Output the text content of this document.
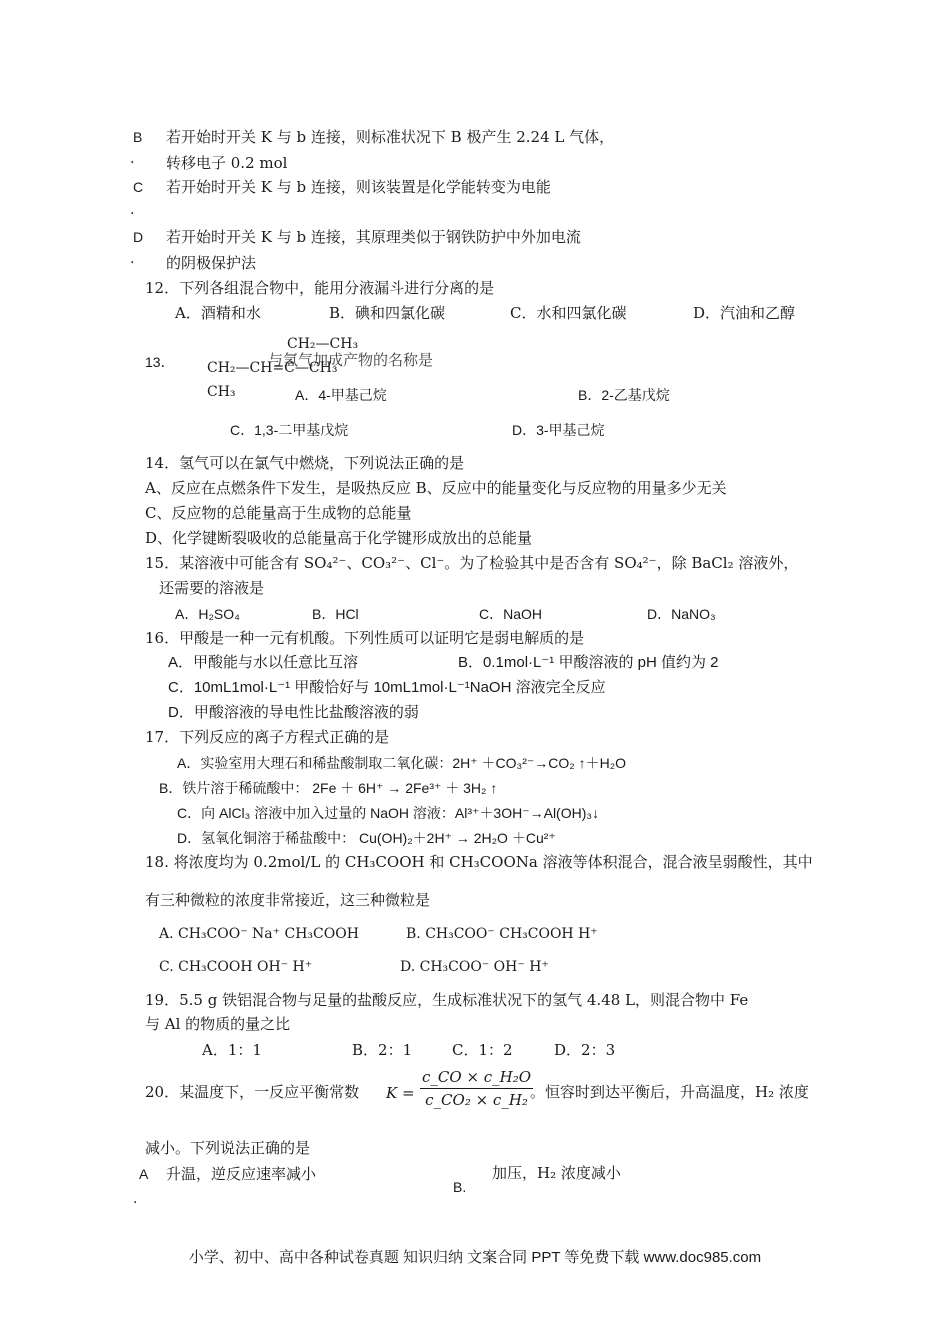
B 若开始时开关 K 与 b 连接，则标准状况下 B 极产生 2.24 L 气体，
. 转移电子 0.2 mol
C 若开始时开关 K 与 b 连接，则该装置是化学能转变为电能
.
D 若开始时开关 K 与 b 连接，其原理类似于钢铁防护中外加电流
. 的阴极保护法
12．下列各组混合物中，能用分液漏斗进行分离的是
A．酒精和水	B．碘和四氯化碳	C．水和四氯化碳	D．汽油和乙醇
13．
CH₂—CH₃
CH₂—CH=C—CH₃
CH₃
与氢气加成产物的名称是
A．4-甲基己烷	B．2-乙基戊烷
C．1,3-二甲基戊烷	D．3-甲基己烷
14．氢气可以在氯气中燃烧，下列说法正确的是
A、反应在点燃条件下发生，是吸热反应 B、反应中的能量变化与反应物的用量多少无关
C、反应物的总能量高于生成物的总能量
D、化学键断裂吸收的总能量高于化学键形成放出的总能量
15．某溶液中可能含有 SO₄²⁻、CO₃²⁻、Cl⁻。为了检验其中是否含有 SO₄²⁻，除 BaCl₂ 溶液外，
还需要的溶液是
A．H₂SO₄	B．HCl	C．NaOH	D．NaNO₃
16．甲酸是一种一元有机酸。下列性质可以证明它是弱电解质的是
A．甲酸能与水以任意比互溶	B．0.1mol·L⁻¹ 甲酸溶液的 pH 值约为 2
C．10mL1mol·L⁻¹ 甲酸恰好与 10mL1mol·L⁻¹NaOH 溶液完全反应
D．甲酸溶液的导电性比盐酸溶液的弱
17．下列反应的离子方程式正确的是
A．实验室用大理石和稀盐酸制取二氧化碳：2H⁺ ＋CO₃²⁻→CO₂ ↑＋H₂O
B．铁片溶于稀硫酸中： 2Fe ＋ 6H⁺ → 2Fe³⁺ ＋ 3H₂ ↑
C．向 AlCl₃ 溶液中加入过量的 NaOH 溶液：Al³⁺＋3OH⁻→Al(OH)₃↓
D．氢氧化铜溶于稀盐酸中： Cu(OH)₂＋2H⁺ → 2H₂O ＋Cu²⁺
18. 将浓度均为 0.2mol/L 的 CH₃COOH 和 CH₃COONa 溶液等体积混合，混合液呈弱酸性，其中
有三种微粒的浓度非常接近，这三种微粒是
A. CH₃COO⁻ Na⁺ CH₃COOH	B. CH₃COO⁻ CH₃COOH H⁺
C. CH₃COOH OH⁻ H⁺	D. CH₃COO⁻ OH⁻ H⁺
19．5.5 g 铁铝混合物与足量的盐酸反应，生成标准状况下的氢气 4.48 L，则混合物中 Fe
与 Al 的物质的量之比
A．1：1	B．2：1	C．1：2	D．2：3
20．某温度下，一反应平衡常数 $K = \frac{\text{c\_CO × c\_H₂O}}{\text{c\_CO₂ × c\_H₂}}$
。恒容时到达平衡后，升高温度，H₂ 浓度
减小。下列说法正确的是
A 升温，逆反应速率减小
.
B.
加压，H₂ 浓度减小
小学、初中、高中各种试卷真题 知识归纳 文案合同 PPT 等免费下载 www.doc985.com
